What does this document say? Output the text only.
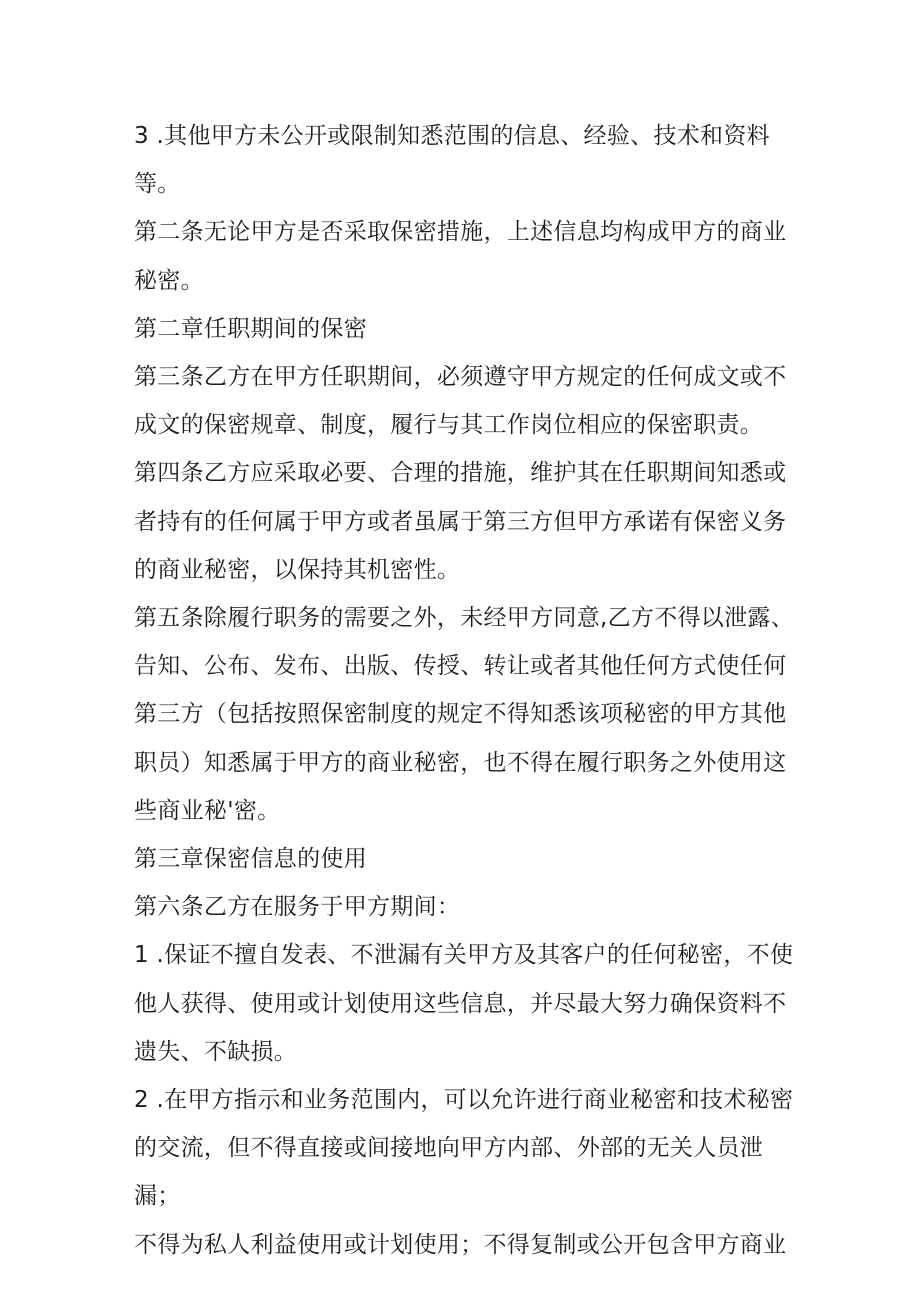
3 .其他甲方未公开或限制知悉范围的信息、经验、技术和资料等。

第二条无论甲方是否采取保密措施，上述信息均构成甲方的商业
秘密。

第二章任职期间的保密

第三条乙方在甲方任职期间，必须遵守甲方规定的任何成文或不
成文的保密规章、制度，履行与其工作岗位相应的保密职责。

第四条乙方应采取必要、合理的措施，维护其在任职期间知悉或
者持有的任何属于甲方或者虽属于第三方但甲方承诺有保密义务
的商业秘密，以保持其机密性。

第五条除履行职务的需要之外，未经甲方同意,乙方不得以泄露、
告知、公布、发布、出版、传授、转让或者其他任何方式使任何
第三方（包括按照保密制度的规定不得知悉该项秘密的甲方其他
职员）知悉属于甲方的商业秘密，也不得在履行职务之外使用这
些商业秘'密。

第三章保密信息的使用

第六条乙方在服务于甲方期间：

1 .保证不擅自发表、不泄漏有关甲方及其客户的任何秘密，不使
他人获得、使用或计划使用这些信息，并尽最大努力确保资料不
遗失、不缺损。

2 .在甲方指示和业务范围内，可以允许进行商业秘密和技术秘密
的交流，但不得直接或间接地向甲方内部、外部的无关人员泄漏；
不得为私人利益使用或计划使用；不得复制或公开包含甲方商业
